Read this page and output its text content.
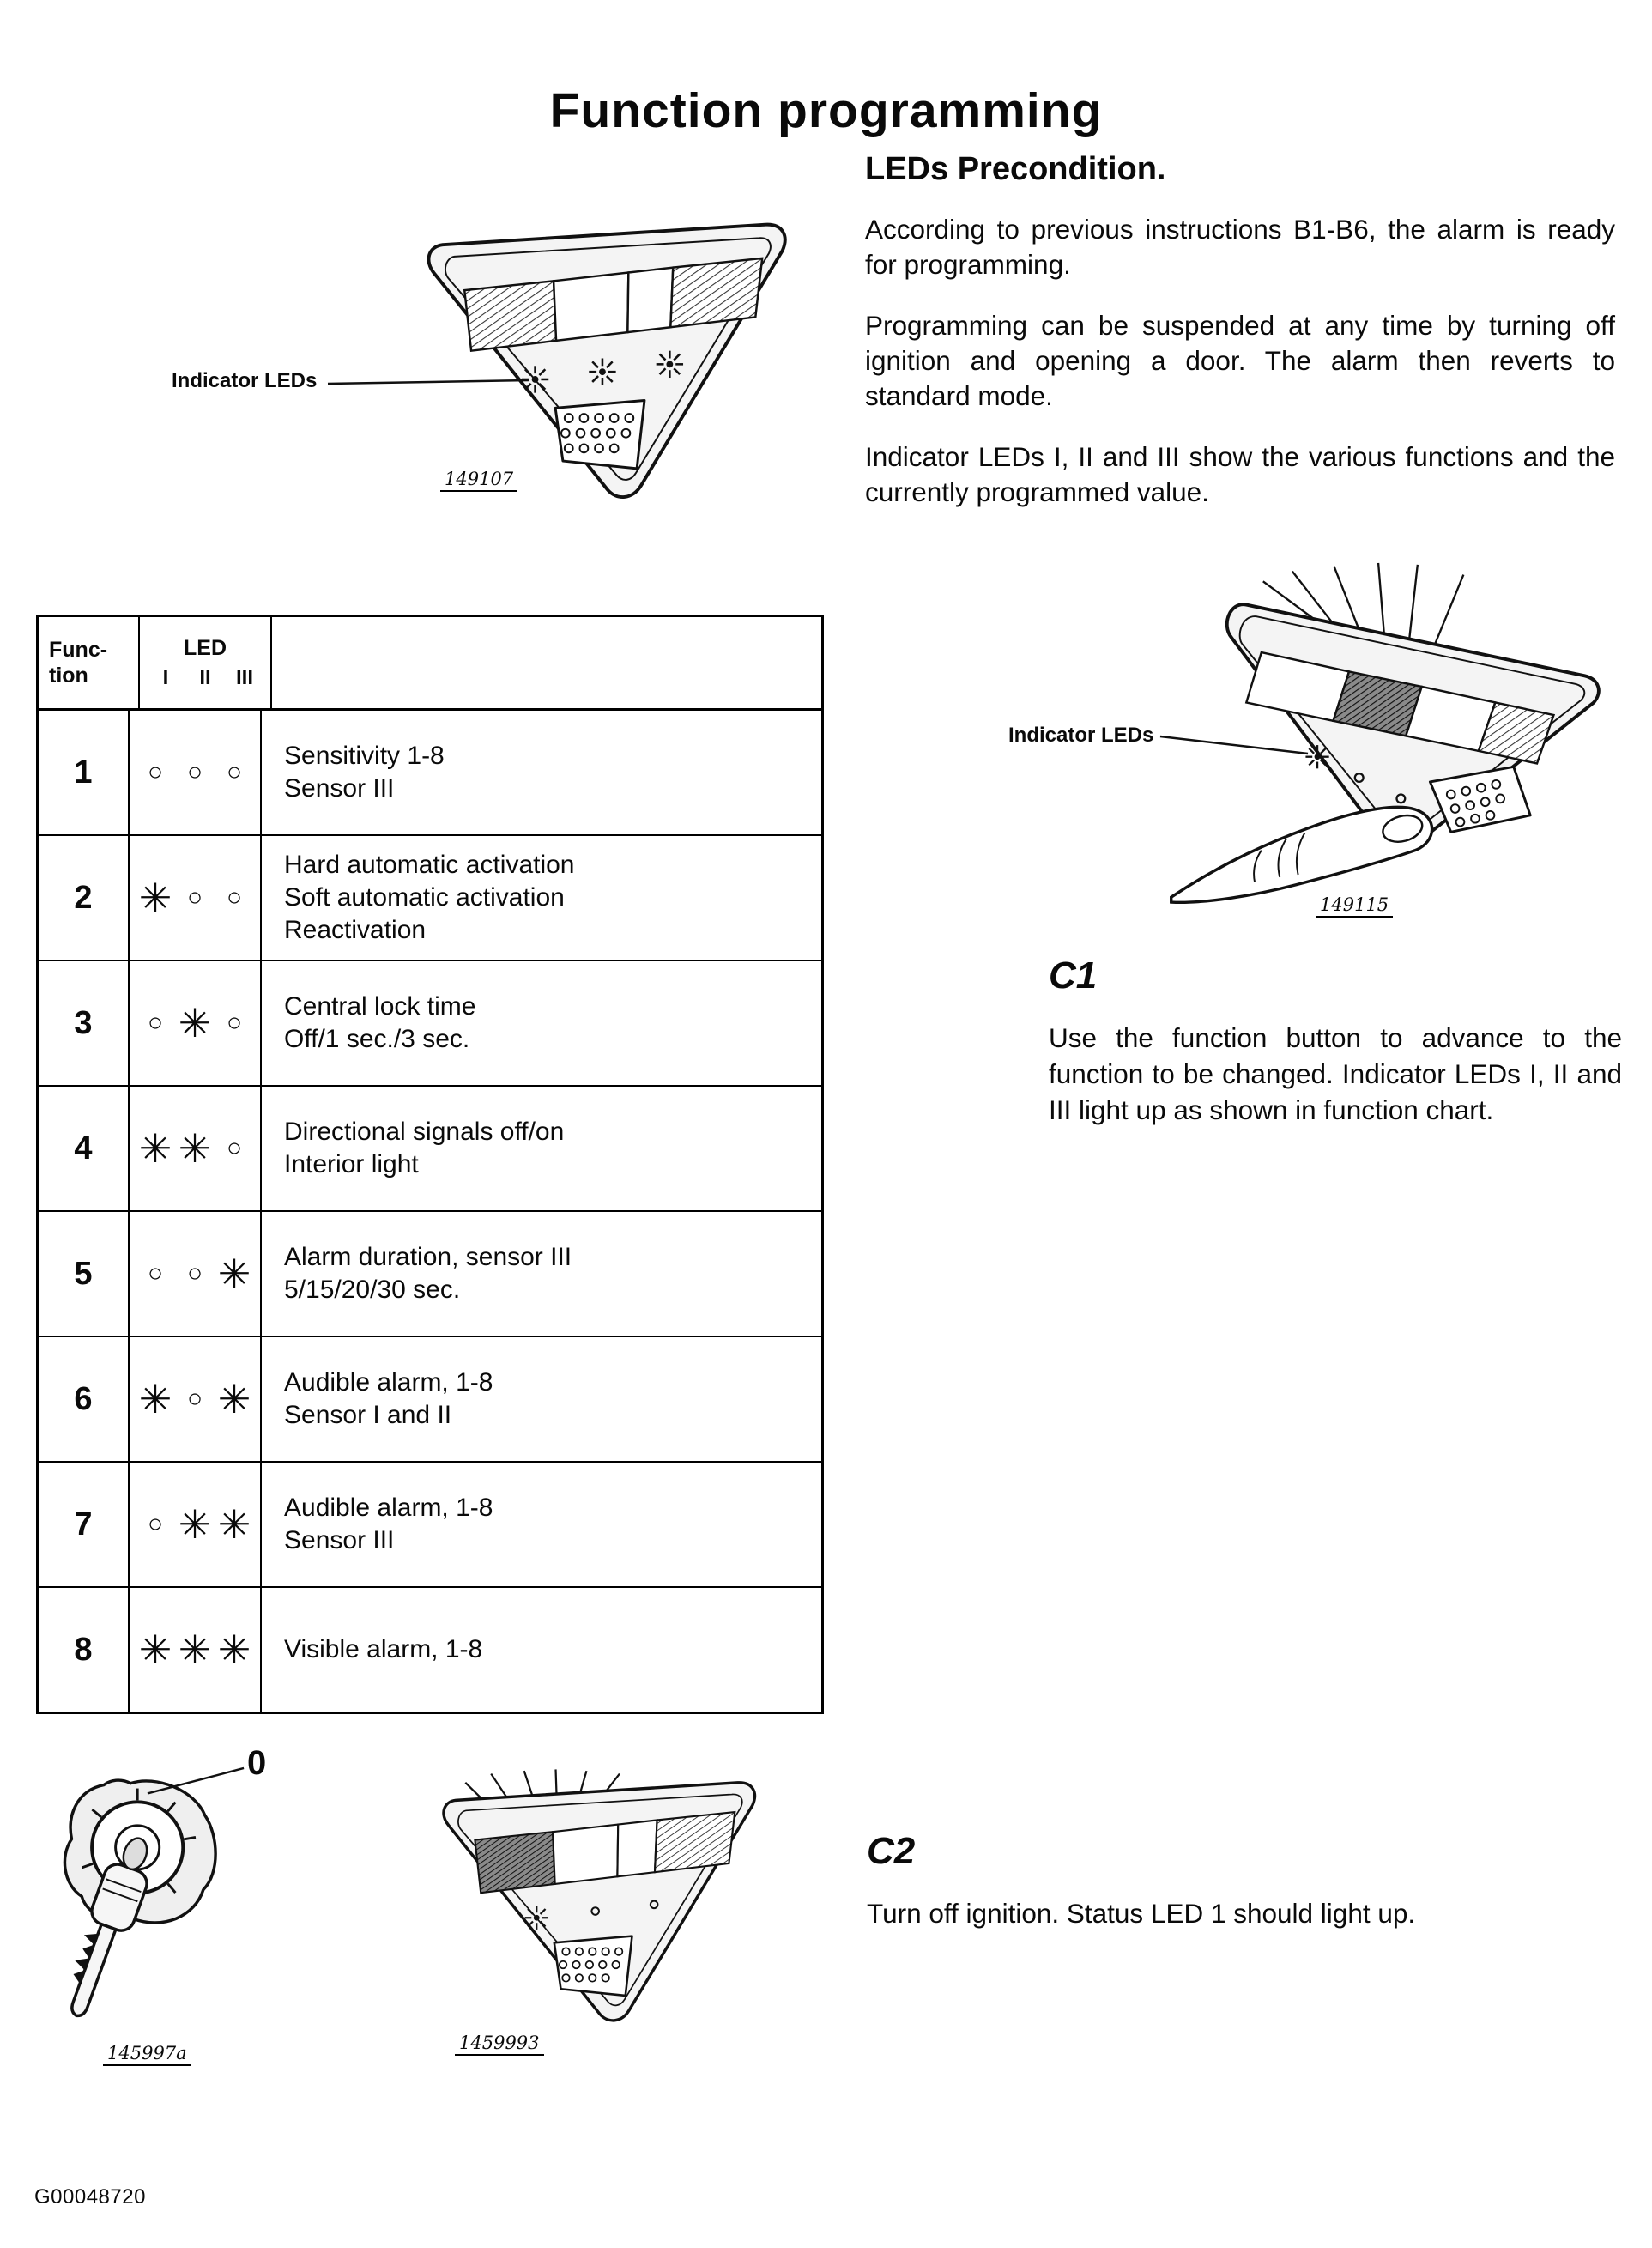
Function programming
149107
Indicator LEDs
LEDs Precondition.

According to previous instructions B1-B6, the alarm is ready for programming.

Programming can be suspended at any time by turning off ignition and opening a door. The alarm then reverts to standard mode.

Indicator LEDs I, II and III show the various functions and the currently programmed value.

Func-
tion
LED
I	II	III
1	○ ○ ○
Sensitivity 1-8
Sensor III
2	✳ ○ ○
Hard automatic activation
Soft automatic activation
Reactivation
3	○ ✳ ○
Central lock time
Off/1 sec./3 sec.
4	✳ ✳ ○
Directional signals off/on
Interior light
5	○ ○ ✳ Alarm duration, sensor III
5/15/20/30 sec.
6	✳ ○ ✳ Audible alarm, 1-8
Sensor I and II
7	○ ✳ ✳ Audible alarm, 1-8
Sensor III
8	✳ ✳ ✳ Visible alarm, 1-8
149115
Indicator LEDs

C1

Use the function button to advance to the function to be changed. Indicator LEDs I, II and III light up as shown in function chart.

145997a
0
1459993

C2

Turn off ignition. Status LED 1 should light up.

G00048720
